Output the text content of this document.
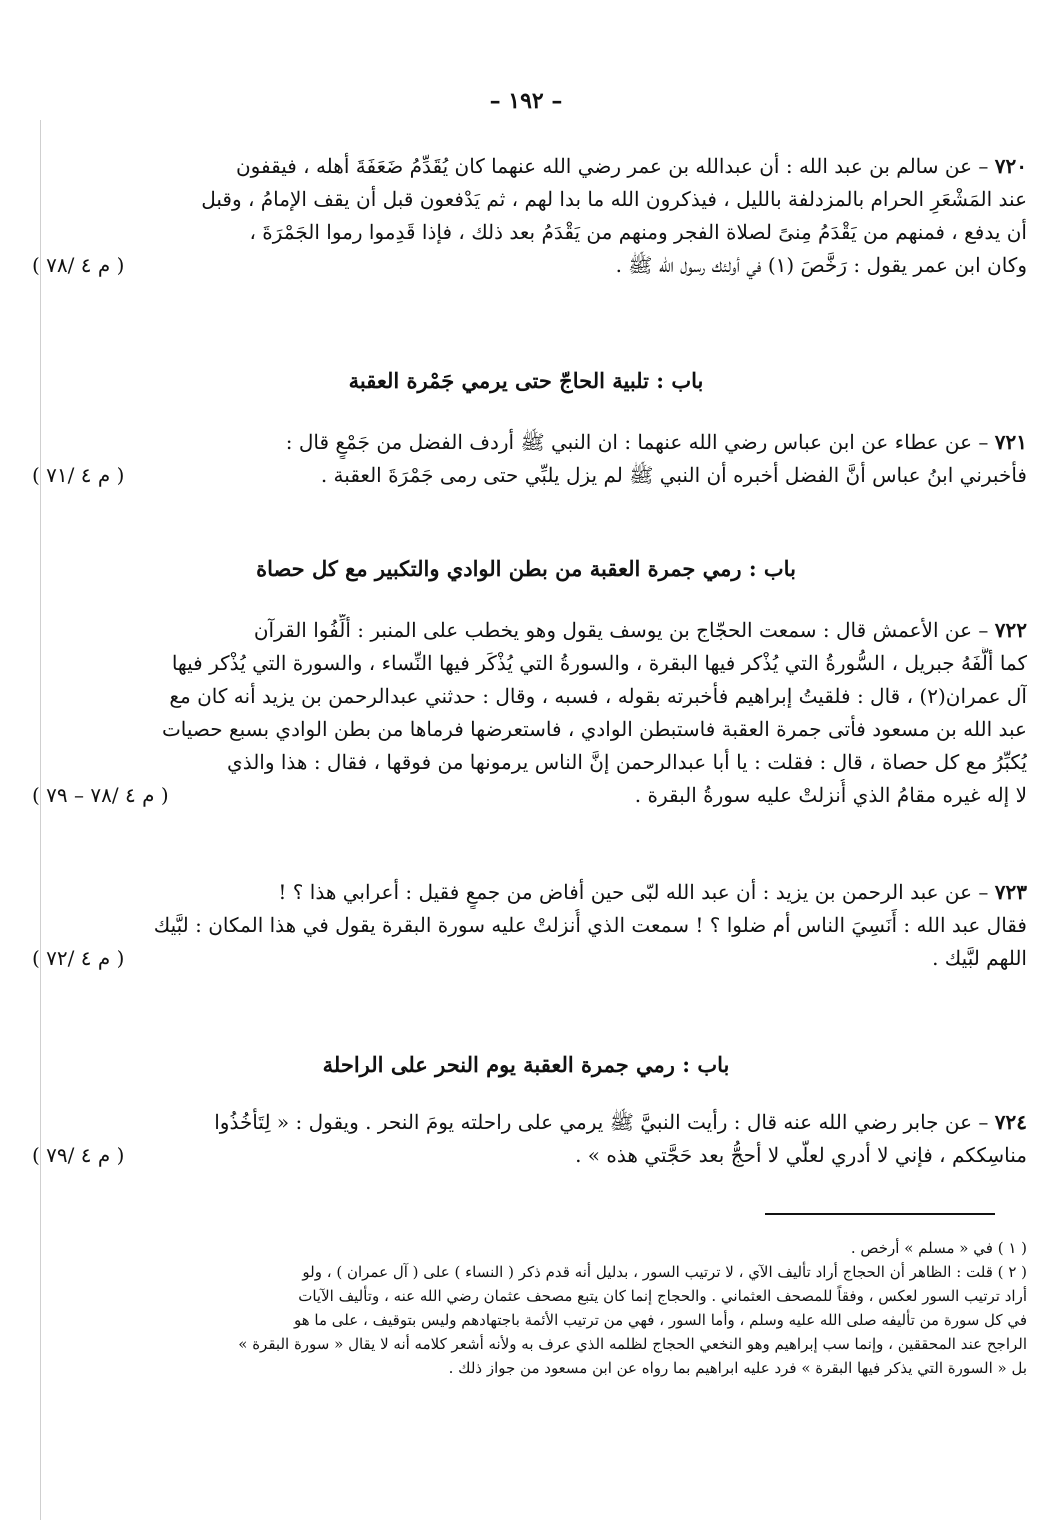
– ١٩٢ –
٧٢٠ – عن سالم بن عبد الله : أن عبدالله بن عمر رضي الله عنهما كان يُقَدِّمُ ضَعَفَةَ أهله ، فيقفون
عند المَشْعَرِ الحرام بالمزدلفة بالليل ، فيذكرون الله ما بدا لهم ، ثم يَدْفعون قبل أن يقف الإمامُ ، وقبل
أن يدفع ، فمنهم من يَقْدَمُ مِنىً لصلاة الفجر ومنهم من يَقْدَمُ بعد ذلك ، فإذا قَدِموا رموا الجَمْرَةَ ،
( م ٤ /٧٨ )	وكان ابن عمر يقول : رَخَّصَ (١) في أولئك رسول الله ﷺ .
باب : تلبية الحاجّ حتى يرمي جَمْرة العقبة
٧٢١ – عن عطاء عن ابن عباس رضي الله عنهما : ان النبي ﷺ أردف الفضل من جَمْعٍ قال :
( م ٤ /٧١ )	فأخبرني ابنُ عباس أنَّ الفضل أخبره أن النبي ﷺ لم يزل يلبِّي حتى رمى جَمْرَةَ العقبة .
باب : رمي جمرة العقبة من بطن الوادي والتكبير مع كل حصاة
٧٢٢ – عن الأعمش قال : سمعت الحجّاج بن يوسف يقول وهو يخطب على المنبر : ألِّفُوا القرآن
كما ألَّفَهُ جبريل ، السُّورةُ التي يُذْكر فيها البقرة ، والسورةُ التي يُذْكَر فيها النِّساء ، والسورة التي يُذْكر فيها
آل عمران(٢) ، قال : فلقيتُ إبراهيم فأخبرته بقوله ، فسبه ، وقال : حدثني عبدالرحمن بن يزيد أنه كان مع
عبد الله بن مسعود فأتى جمرة العقبة فاستبطن الوادي ، فاستعرضها فرماها من بطن الوادي بسبع حصيات
يُكبِّرُ مع كل حصاة ، قال : فقلت : يا أبا عبدالرحمن إنَّ الناس يرمونها من فوقها ، فقال : هذا والذي
( م ٤ /٧٨ – ٧٩ )	لا إله غيره مقامُ الذي أُنزلتْ عليه سورةُ البقرة .
٧٢٣ – عن عبد الرحمن بن يزيد : أن عبد الله لبّى حين أفاض من جمعٍ فقيل : أعرابي هذا ؟ !
فقال عبد الله : أَنَسِيَ الناس أم ضلوا ؟ ! سمعت الذي أُنزلتْ عليه سورة البقرة يقول في هذا المكان : لبَّيك
( م ٤ /٧٢ )	اللهم لبَّيك .
باب : رمي جمرة العقبة يوم النحر على الراحلة
٧٢٤ – عن جابر رضي الله عنه قال : رأيت النبيَّ ﷺ يرمي على راحلته يومَ النحر . ويقول : « لِتَأخُذُوا
( م ٤ /٧٩ )	مناسِككم ، فإني لا أدري لعلّي لا أحجُّ بعد حَجَّتي هذه » .
( ١ ) في « مسلم » أرخص .
( ٢ ) قلت : الظاهر أن الحجاج أراد تأليف الآي ، لا ترتيب السور ، بدليل أنه قدم ذكر ( النساء ) على ( آل عمران ) ، ولو
أراد ترتيب السور لعكس ، وفقاً للمصحف العثماني . والحجاج إنما كان يتبع مصحف عثمان رضي الله عنه ، وتأليف الآيات
في كل سورة من تأليفه صلى الله عليه وسلم ، وأما السور ، فهي من ترتيب الأئمة باجتهادهم وليس بتوقيف ، على ما هو
الراجح عند المحققين ، وإنما سب إبراهيم وهو النخعي الحجاج لظلمه الذي عرف به ولأنه أشعر كلامه أنه لا يقال « سورة البقرة »
بل « السورة التي يذكر فيها البقرة » فرد عليه ابراهيم بما رواه عن ابن مسعود من جواز ذلك .
